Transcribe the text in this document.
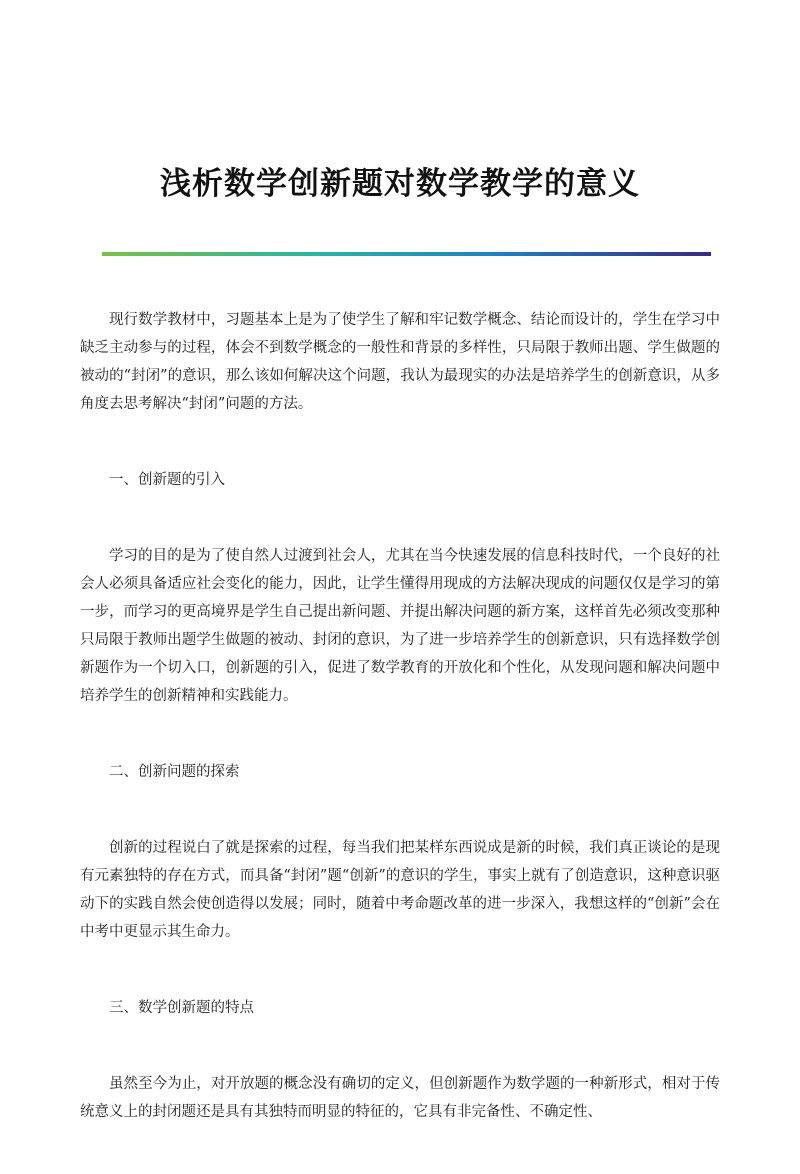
浅析数学创新题对数学教学的意义

现行数学教材中，习题基本上是为了使学生了解和牢记数学概念、结论而设计的，学生在学习中缺乏主动参与的过程，体会不到数学概念的一般性和背景的多样性，只局限于教师出题、学生做题的被动的“封闭”的意识，那么该如何解决这个问题，我认为最现实的办法是培养学生的创新意识，从多角度去思考解决“封闭”问题的方法。

一、创新题的引入

学习的目的是为了使自然人过渡到社会人，尤其在当今快速发展的信息科技时代，一个良好的社会人必须具备适应社会变化的能力，因此，让学生懂得用现成的方法解决现成的问题仅仅是学习的第一步，而学习的更高境界是学生自己提出新问题、并提出解决问题的新方案，这样首先必须改变那种只局限于教师出题学生做题的被动、封闭的意识，为了进一步培养学生的创新意识，只有选择数学创新题作为一个切入口，创新题的引入，促进了数学教育的开放化和个性化，从发现问题和解决问题中培养学生的创新精神和实践能力。

二、创新问题的探索

创新的过程说白了就是探索的过程，每当我们把某样东西说成是新的时候，我们真正谈论的是现有元素独特的存在方式，而具备“封闭”题“创新”的意识的学生，事实上就有了创造意识，这种意识驱动下的实践自然会使创造得以发展；同时，随着中考命题改革的进一步深入，我想这样的“创新”会在中考中更显示其生命力。

三、数学创新题的特点

虽然至今为止，对开放题的概念没有确切的定义，但创新题作为数学题的一种新形式，相对于传统意义上的封闭题还是具有其独特而明显的特征的，它具有非完备性、不确定性、
